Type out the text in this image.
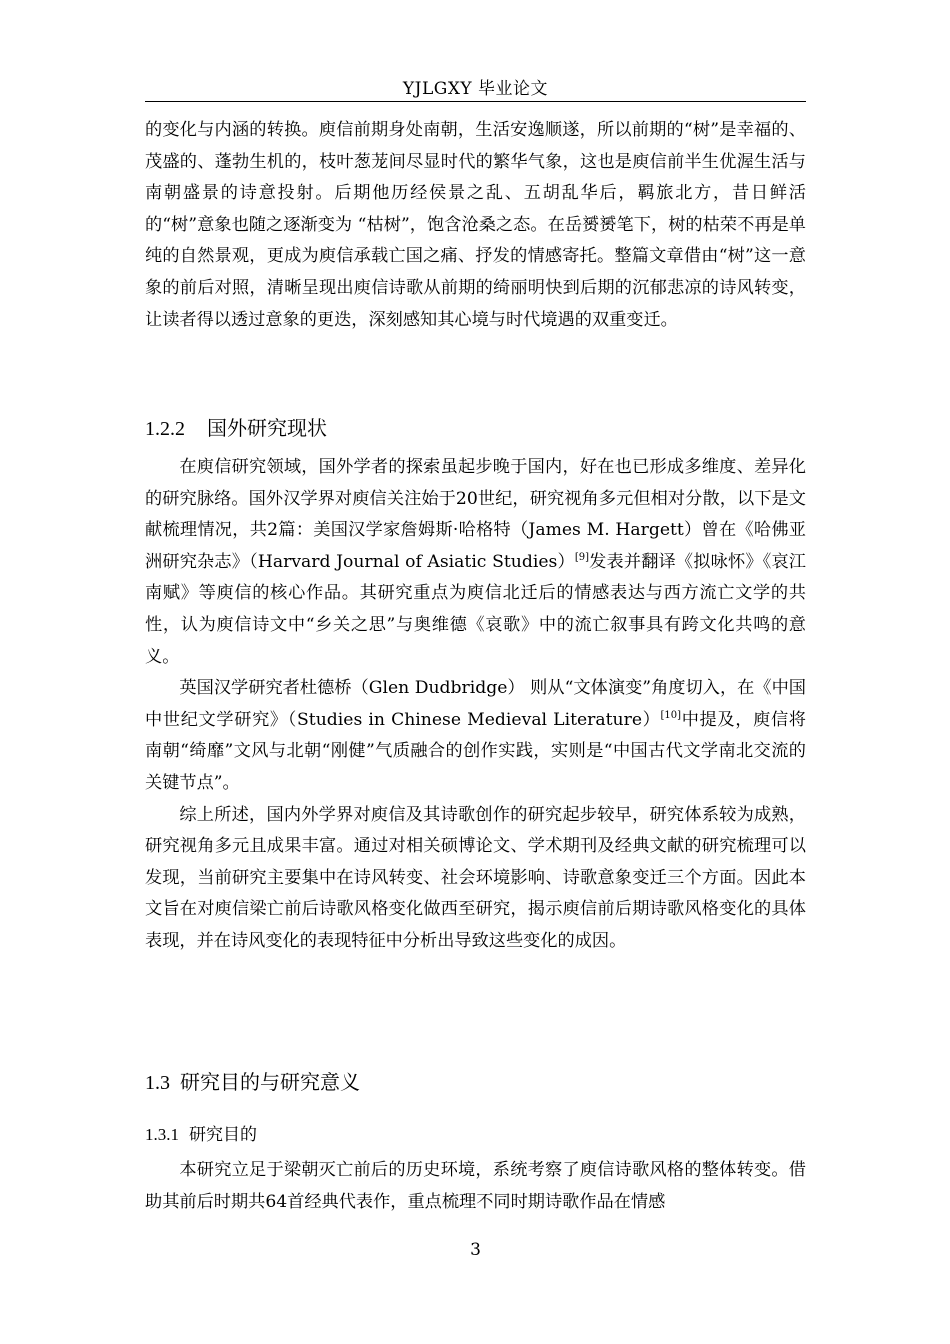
YJLGXY 毕业论文

的变化与内涵的转换。庾信前期身处南朝，生活安逸顺遂，所以前期的“树”是幸福的、茂盛的、蓬勃生机的，枝叶葱茏间尽显时代的繁华气象，这也是庾信前半生优渥生活与南朝盛景的诗意投射。后期他历经侯景之乱、五胡乱华后，羁旅北方，昔日鲜活的“树”意象也随之逐渐变为 “枯树”，饱含沧桑之态。在岳赟赟笔下，树的枯荣不再是单纯的自然景观，更成为庾信承载亡国之痛、抒发的情感寄托。整篇文章借由“树”这一意象的前后对照，清晰呈现出庾信诗歌从前期的绮丽明快到后期的沉郁悲凉的诗风转变，让读者得以透过意象的更迭，深刻感知其心境与时代境遇的双重变迁。

1.2.2 国外研究现状

在庾信研究领域，国外学者的探索虽起步晚于国内，好在也已形成多维度、差异化的研究脉络。国外汉学界对庾信关注始于20世纪，研究视角多元但相对分散，以下是文献梳理情况，共2篇：美国汉学家詹姆斯·哈格特（James M. Hargett）曾在《哈佛亚洲研究杂志》（Harvard Journal of Asiatic Studies）[9]发表并翻译《拟咏怀》《哀江南赋》等庾信的核心作品。其研究重点为庾信北迁后的情感表达与西方流亡文学的共性，认为庾信诗文中“乡关之思”与奥维德《哀歌》中的流亡叙事具有跨文化共鸣的意义。

英国汉学研究者杜德桥（Glen Dudbridge） 则从“文体演变”角度切入，在《中国中世纪文学研究》（Studies in Chinese Medieval Literature）[10]中提及，庾信将南朝“绮靡”文风与北朝“刚健”气质融合的创作实践，实则是“中国古代文学南北交流的关键节点”。

综上所述，国内外学界对庾信及其诗歌创作的研究起步较早，研究体系较为成熟，研究视角多元且成果丰富。通过对相关硕博论文、学术期刊及经典文献的研究梳理可以发现，当前研究主要集中在诗风转变、社会环境影响、诗歌意象变迁三个方面。因此本文旨在对庾信梁亡前后诗歌风格变化做西至研究，揭示庾信前后期诗歌风格变化的具体表现，并在诗风变化的表现特征中分析出导致这些变化的成因。

1.3 研究目的与研究意义

1.3.1 研究目的

本研究立足于梁朝灭亡前后的历史环境，系统考察了庾信诗歌风格的整体转变。借助其前后时期共64首经典代表作，重点梳理不同时期诗歌作品在情感

3
